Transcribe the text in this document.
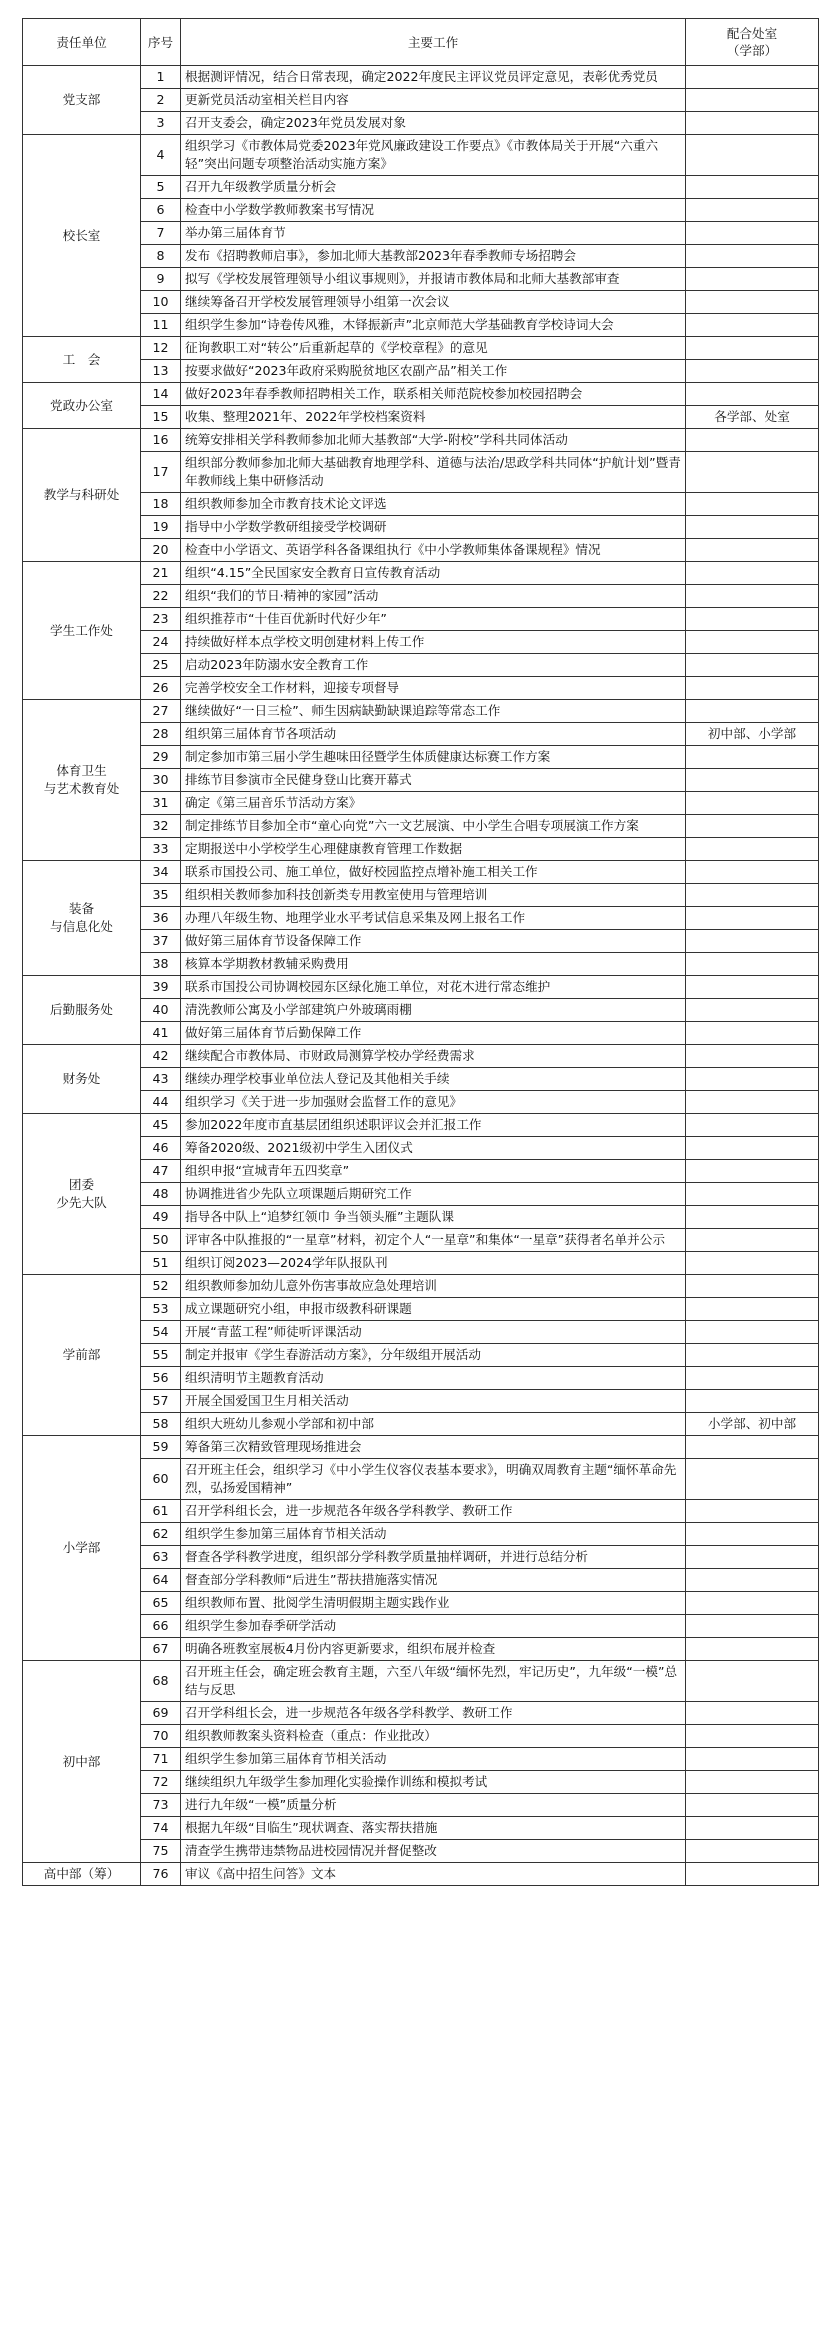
责任单位	序号	主要工作	配合处室
（学部）
党支部	1	根据测评情况，结合日常表现，确定2022年度民主评议党员评定意见，表彰优秀党员	
	2	更新党员活动室相关栏目内容	
	3	召开支委会，确定2023年党员发展对象	
校长室	4	组织学习《市教体局党委2023年党风廉政建设工作要点》《市教体局关于开展“六重六轻”突出问题专项整治活动实施方案》	
	5	召开九年级教学质量分析会	
	6	检查中小学数学教师教案书写情况	
	7	举办第三届体育节	
	8	发布《招聘教师启事》，参加北师大基教部2023年春季教师专场招聘会	
	9	拟写《学校发展管理领导小组议事规则》，并报请市教体局和北师大基教部审查	
	10	继续筹备召开学校发展管理领导小组第一次会议	
	11	组织学生参加“诗卷传风雅，木铎振新声”北京师范大学基础教育学校诗词大会	
工　会	12	征询教职工对“转公”后重新起草的《学校章程》的意见	
	13	按要求做好“2023年政府采购脱贫地区农副产品”相关工作	
党政办公室	14	做好2023年春季教师招聘相关工作，联系相关师范院校参加校园招聘会	
	15	收集、整理2021年、2022年学校档案资料	各学部、处室
教学与科研处	16	统筹安排相关学科教师参加北师大基教部“大学-附校”学科共同体活动	
	17	组织部分教师参加北师大基础教育地理学科、道德与法治/思政学科共同体“护航计划”暨青年教师线上集中研修活动	
	18	组织教师参加全市教育技术论文评选	
	19	指导中小学数学教研组接受学校调研	
	20	检查中小学语文、英语学科各备课组执行《中小学教师集体备课规程》情况	
学生工作处	21	组织“4.15”全民国家安全教育日宣传教育活动	
	22	组织“我们的节日·精神的家园”活动	
	23	组织推荐市“十佳百优新时代好少年”	
	24	持续做好样本点学校文明创建材料上传工作	
	25	启动2023年防溺水安全教育工作	
	26	完善学校安全工作材料，迎接专项督导	
体育卫生
与艺术教育处	27	继续做好“一日三检”、师生因病缺勤缺课追踪等常态工作	
	28	组织第三届体育节各项活动	初中部、小学部
	29	制定参加市第三届小学生趣味田径暨学生体质健康达标赛工作方案	
	30	排练节目参演市全民健身登山比赛开幕式	
	31	确定《第三届音乐节活动方案》	
	32	制定排练节目参加全市“童心向党”六一文艺展演、中小学生合唱专项展演工作方案	
	33	定期报送中小学校学生心理健康教育管理工作数据	
装备
与信息化处	34	联系市国投公司、施工单位，做好校园监控点增补施工相关工作	
	35	组织相关教师参加科技创新类专用教室使用与管理培训	
	36	办理八年级生物、地理学业水平考试信息采集及网上报名工作	
	37	做好第三届体育节设备保障工作	
	38	核算本学期教材教辅采购费用	
后勤服务处	39	联系市国投公司协调校园东区绿化施工单位，对花木进行常态维护	
	40	清洗教师公寓及小学部建筑户外玻璃雨棚	
	41	做好第三届体育节后勤保障工作	
财务处	42	继续配合市教体局、市财政局测算学校办学经费需求	
	43	继续办理学校事业单位法人登记及其他相关手续	
	44	组织学习《关于进一步加强财会监督工作的意见》	
团委
少先大队	45	参加2022年度市直基层团组织述职评议会并汇报工作	
	46	筹备2020级、2021级初中学生入团仪式	
	47	组织申报“宣城青年五四奖章”	
	48	协调推进省少先队立项课题后期研究工作	
	49	指导各中队上“追梦红领巾 争当领头雁”主题队课	
	50	评审各中队推报的“一星章”材料，初定个人“一星章”和集体“一星章”获得者名单并公示	
	51	组织订阅2023—2024学年队报队刊	
学前部	52	组织教师参加幼儿意外伤害事故应急处理培训	
	53	成立课题研究小组，申报市级教科研课题	
	54	开展“青蓝工程”师徒听评课活动	
	55	制定并报审《学生春游活动方案》，分年级组开展活动	
	56	组织清明节主题教育活动	
	57	开展全国爱国卫生月相关活动	
	58	组织大班幼儿参观小学部和初中部	小学部、初中部
小学部	59	筹备第三次精致管理现场推进会	
	60	召开班主任会，组织学习《中小学生仪容仪表基本要求》，明确双周教育主题“缅怀革命先烈，弘扬爱国精神”	
	61	召开学科组长会，进一步规范各年级各学科教学、教研工作	
	62	组织学生参加第三届体育节相关活动	
	63	督查各学科教学进度，组织部分学科教学质量抽样调研，并进行总结分析	
	64	督查部分学科教师“后进生”帮扶措施落实情况	
	65	组织教师布置、批阅学生清明假期主题实践作业	
	66	组织学生参加春季研学活动	
	67	明确各班教室展板4月份内容更新要求，组织布展并检查	
初中部	68	召开班主任会，确定班会教育主题，六至八年级“缅怀先烈，牢记历史”，九年级“一模”总结与反思	
	69	召开学科组长会，进一步规范各年级各学科教学、教研工作	
	70	组织教师教案头资料检查（重点：作业批改）	
	71	组织学生参加第三届体育节相关活动	
	72	继续组织九年级学生参加理化实验操作训练和模拟考试	
	73	进行九年级“一模”质量分析	
	74	根据九年级“目临生”现状调查、落实帮扶措施	
	75	清查学生携带违禁物品进校园情况并督促整改	
高中部（筹）	76	审议《高中招生问答》文本	
